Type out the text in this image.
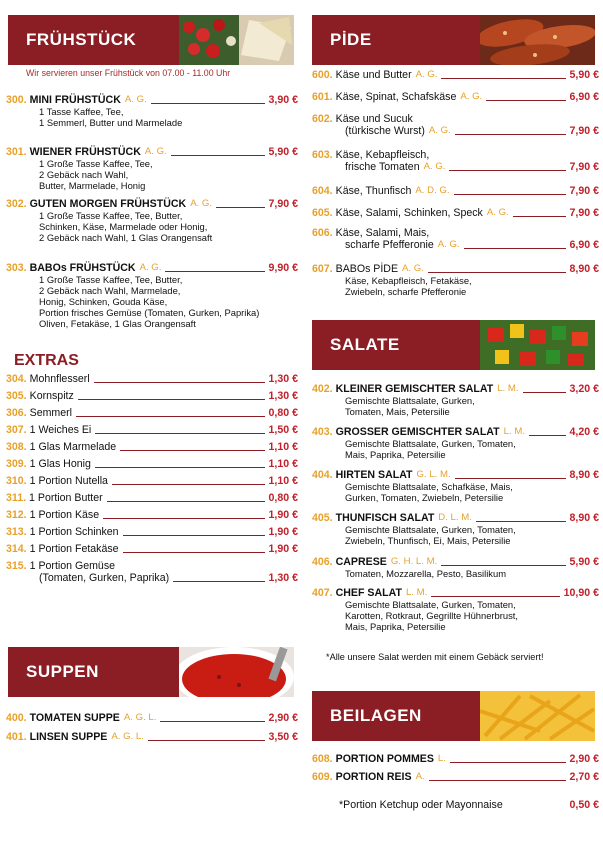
FRÜHSTÜCK
Wir servieren unser Frühstück von 07.00 - 11.00 Uhr
300. MINI FRÜHSTÜCK A. G.	3,90 €
1 Tasse Kaffee, Tee,
1 Semmerl, Butter und Marmelade
301. WIENER FRÜHSTÜCK A. G.	5,90 €
1 Große Tasse Kaffee, Tee,
2 Gebäck nach Wahl,
Butter, Marmelade, Honig
302. GUTEN MORGEN FRÜHSTÜCK A. G.	7,90 €
1 Große Tasse Kaffee, Tee, Butter,
Schinken, Käse, Marmelade oder Honig,
2 Gebäck nach Wahl, 1 Glas Orangensaft
303. BABOs FRÜHSTÜCK A. G.	9,90 €
1 Große Tasse Kaffee, Tee, Butter,
2 Gebäck nach Wahl, Marmelade,
Honig, Schinken, Gouda Käse,
Portion frisches Gemüse (Tomaten, Gurken, Paprika)
Oliven, Fetakäse, 1 Glas Orangensaft
EXTRAS
304. Mohnflesserl	1,30 €
305. Kornspitz	1,30 €
306. Semmerl	0,80 €
307. 1 Weiches Ei	1,50 €
308. 1 Glas Marmelade	1,10 €
309. 1 Glas Honig	1,10 €
310. 1 Portion Nutella	1,10 €
311. 1 Portion Butter	0,80 €
312. 1 Portion Käse	1,90 €
313. 1 Portion Schinken	1,90 €
314. 1 Portion Fetakäse	1,90 €
315. 1 Portion Gemüse
(Tomaten, Gurken, Paprika)	1,30 €
SUPPEN
400. TOMATEN SUPPE A. G. L.	2,90 €
401. LINSEN SUPPE A. G. L.	3,50 €
PİDE
600. Käse und Butter A. G.	5,90 €
601. Käse, Spinat, Schafskäse A. G.	6,90 €
602. Käse und Sucuk
(türkische Wurst) A. G.	7,90 €
603. Käse, Kebapfleisch,
frische Tomaten A. G.	7,90 €
604. Käse, Thunfisch A. D. G.	7,90 €
605. Käse, Salami, Schinken, Speck A. G.	7,90 €
606. Käse, Salami, Mais,
scharfe Pfefferonie A. G.	6,90 €
607. BABOs PİDE A. G.	8,90 €
Käse, Kebapfleisch, Fetakäse,
Zwiebeln, scharfe Pfefferonie
SALATE
402. KLEINER GEMISCHTER SALAT L. M.	3,20 €
Gemischte Blattsalate, Gurken,
Tomaten, Mais, Petersilie
403. GROSSER GEMISCHTER SALAT L. M.	4,20 €
Gemischte Blattsalate, Gurken, Tomaten,
Mais, Paprika, Petersilie
404. HIRTEN SALAT G. L. M.	8,90 €
Gemischte Blattsalate, Schafkäse, Mais,
Gurken, Tomaten, Zwiebeln, Petersilie
405. THUNFISCH SALAT D. L. M.	8,90 €
Gemischte Blattsalate, Gurken, Tomaten,
Zwiebeln, Thunfisch, Ei, Mais, Petersilie
406. CAPRESE G. H. L. M.	5,90 €
Tomaten, Mozzarella, Pesto, Basilikum
407. CHEF SALAT L. M.	10,90 €
Gemischte Blattsalate, Gurken, Tomaten,
Karotten, Rotkraut, Gegrillte Hühnerbrust,
Mais, Paprika, Petersilie
*Alle unsere Salat werden mit einem Gebäck serviert!
BEILAGEN
608. PORTION POMMES L.	2,90 €
609. PORTION REIS A.	2,70 €
*Portion Ketchup oder Mayonnaise	0,50 €
